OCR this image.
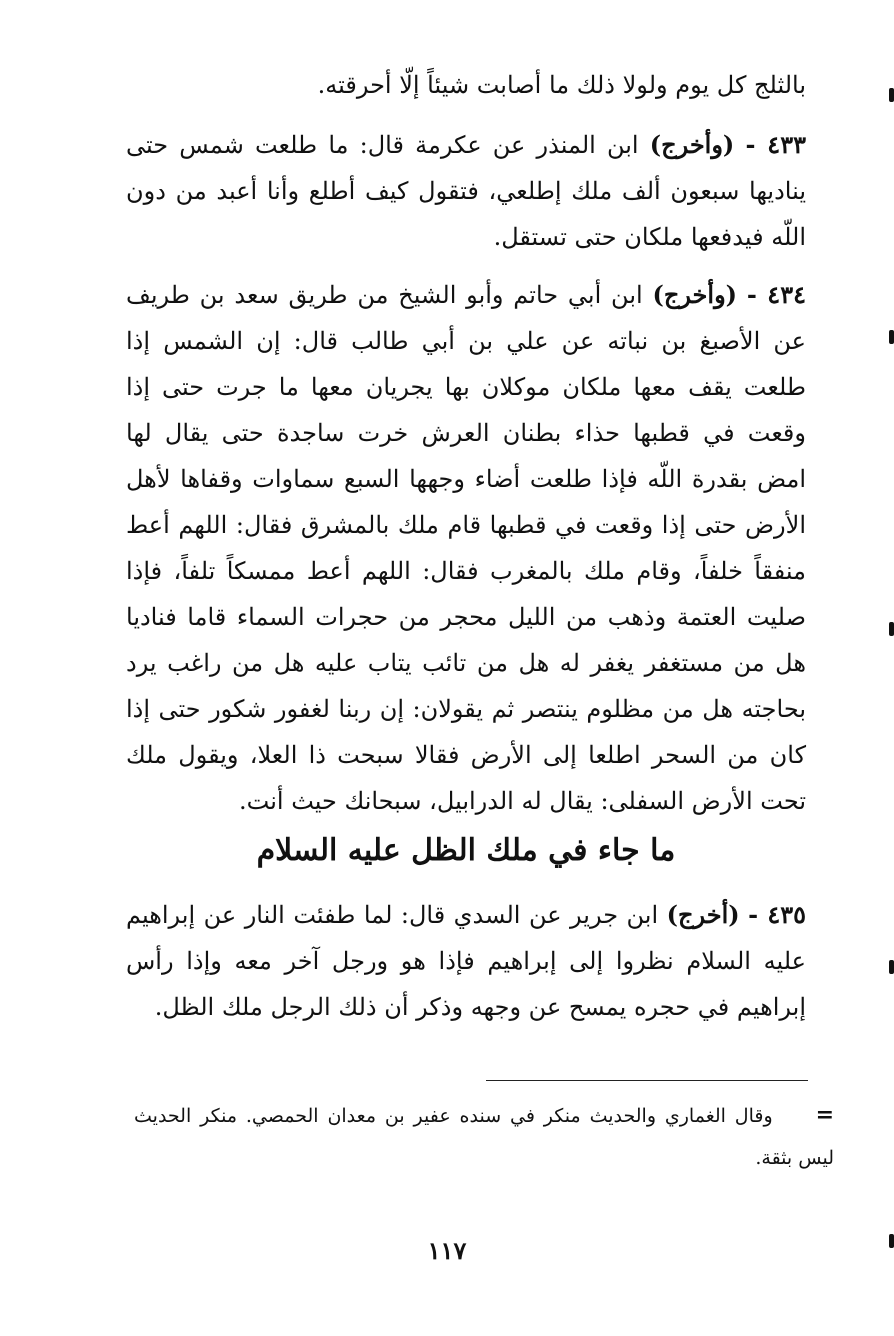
بالثلج كل يوم ولولا ذلك ما أصابت شيئاً إلّا أحرقته.

٤٣٣ - (وأخرج) ابن المنذر عن عكرمة قال: ما طلعت شمس حتى يناديها سبعون ألف ملك إطلعي، فتقول كيف أطلع وأنا أعبد من دون اللّه فيدفعها ملكان حتى تستقل.

٤٣٤ - (وأخرج) ابن أبي حاتم وأبو الشيخ من طريق سعد بن طريف عن الأصبغ بن نباته عن علي بن أبي طالب قال: إن الشمس إذا طلعت يقف معها ملكان موكلان بها يجريان معها ما جرت حتى إذا وقعت في قطبها حذاء بطنان العرش خرت ساجدة حتى يقال لها امض بقدرة اللّه فإذا طلعت أضاء وجهها السبع سماوات وقفاها لأهل الأرض حتى إذا وقعت في قطبها قام ملك بالمشرق فقال: اللهم أعط منفقاً خلفاً، وقام ملك بالمغرب فقال: اللهم أعط ممسكاً تلفاً، فإذا صليت العتمة وذهب من الليل محجر من حجرات السماء قاما فناديا هل من مستغفر يغفر له هل من تائب يتاب عليه هل من راغب يرد بحاجته هل من مظلوم ينتصر ثم يقولان: إن ربنا لغفور شكور حتى إذا كان من السحر اطلعا إلى الأرض فقالا سبحت ذا العلا، ويقول ملك تحت الأرض السفلى: يقال له الدرابيل، سبحانك حيث أنت.

ما جاء في ملك الظل عليه السلام

٤٣٥ - (أخرج) ابن جرير عن السدي قال: لما طفئت النار عن إبراهيم عليه السلام نظروا إلى إبراهيم فإذا هو ورجل آخر معه وإذا رأس إبراهيم في حجره يمسح عن وجهه وذكر أن ذلك الرجل ملك الظل.

= وقال الغماري والحديث منكر في سنده عفير بن معدان الحمصي. منكر الحديث ليس بثقة.
١١٧
